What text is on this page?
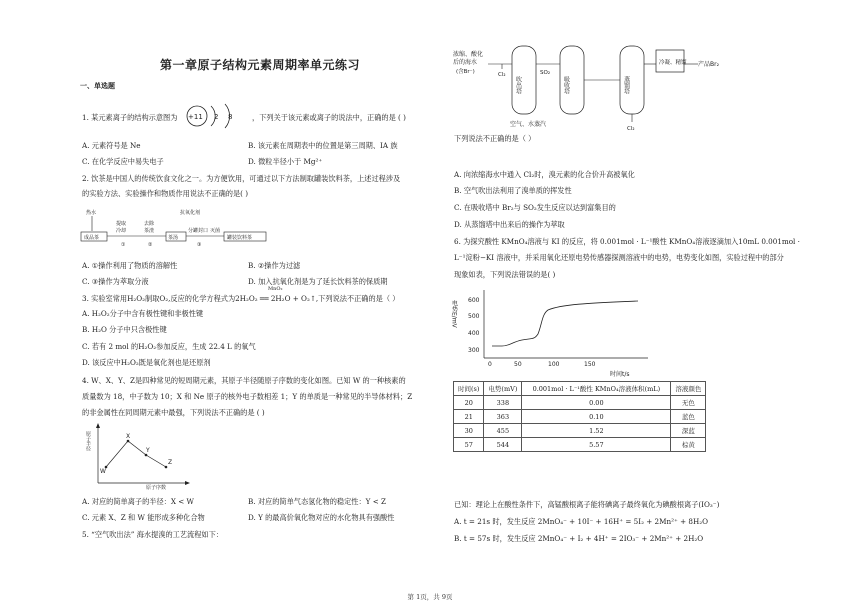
第一章原子结构元素周期率单元练习
一、单选题
1. 某元素离子的结构示意图为 +11 2 8	，下列关于该元素或离子的说法中，正确的是 ( )
A. 元素符号是 Ne	B. 该元素在周期表中的位置是第三周期、IA 族
C. 在化学反应中易失电子	D. 微粒半径小于 Mg²⁺
2. 饮茶是中国人的传统饮食文化之一。为方便饮用，可通过以下方法制取罐装饮料茶，上述过程涉及
的实验方法、实验操作和物质作用说法不正确的是( )
热水
成品茶
提取
冷却
①
去除
茶渣
②
茶汤
抗氧化剂
分罐封口 灭菌
③
罐装饮料茶
A. ①操作利用了物质的溶解性	B. ②操作为过滤
C. ③操作为萃取分液	D. 加入抗氧化剂是为了延长饮料茶的保质期
3. 实验室常用H₂O₂制取O₂,反应的化学方程式为2H₂O₂ ══ 2H₂O + O₂↑,下列说法不正确的是（ ）
MnO₂
A. H₂O₂分子中含有极性键和非极性键
B. H₂O 分子中只含极性键
C. 若有 2 mol 的H₂O₂参加反应，生成 22.4 L 的氧气
D. 该反应中H₂O₂既是氧化剂也是还原剂
4. W、X、Y、Z是四种常见的短周期元素，其原子半径随原子序数的变化如图。已知 W 的一种核素的
质量数为 18，中子数为 10；X 和 Ne 原子的核外电子数相差 1；Y 的单质是一种常见的半导体材料；Z
的非金属性在同周期元素中最强，下列说法不正确的是 ( )
原子半径
原子序数
W
X
Y
Z
A. 对应的简单离子的半径：X < W	B. 对应的简单气态氢化物的稳定性：Y < Z
C. 元素 X、Z 和 W 能形成多种化合物	D. Y 的最高价氧化物对应的水化物具有强酸性
5. “空气吹出法” 海水提溴的工艺流程如下：
浓缩、酸化
后的海水
(含Br⁻)	Cl₂
吹出塔
SO₂
吸收塔	蒸馏塔
Cl₂
冷凝、精馏 产品Br₂
空气、水蒸汽
下列说法不正确的是（ ）
A. 向浓缩海水中通入 Cl₂时，溴元素的化合价升高被氧化
B. 空气吹出法利用了溴单质的挥发性
C. 在吸收塔中 Br₂与 SO₂发生反应以达到富集目的
D. 从蒸馏塔中出来后的操作为萃取
6. 为探究酸性 KMnO₄溶液与 KI 的反应，将 0.001mol · L⁻¹酸性 KMnO₄溶液逐滴加入10mL 0.001mol ·
L⁻¹淀粉−KI 溶液中，并采用氧化还原电势传感器探测溶液中的电势，电势变化如图，实验过程中的部分
现象如表，下列说法错误的是( )
电势E/mV 600
500
400
300
0	50	100	150
时间t/s
已知：理论上在酸性条件下，高锰酸根离子能将碘离子最终氧化为碘酸根离子(IO₃⁻)
A. t = 21s 时，发生反应 2MnO₄⁻ + 10I⁻ + 16H⁺ = 5I₂ + 2Mn²⁺ + 8H₂O
B. t = 57s 时，发生反应 2MnO₄⁻ + I₂ + 4H⁺ = 2IO₃⁻ + 2Mn²⁺ + 2H₂O
时间(s)	电势(mV)	0.001mol · L⁻¹酸性 KMnO₄溶液体积(mL)	溶液颜色
20	338	0.00	无色
21	363	0.10	蓝色
30	455	1.52	深蓝
57	544	5.57	棕黄
第 1页，共 9页
